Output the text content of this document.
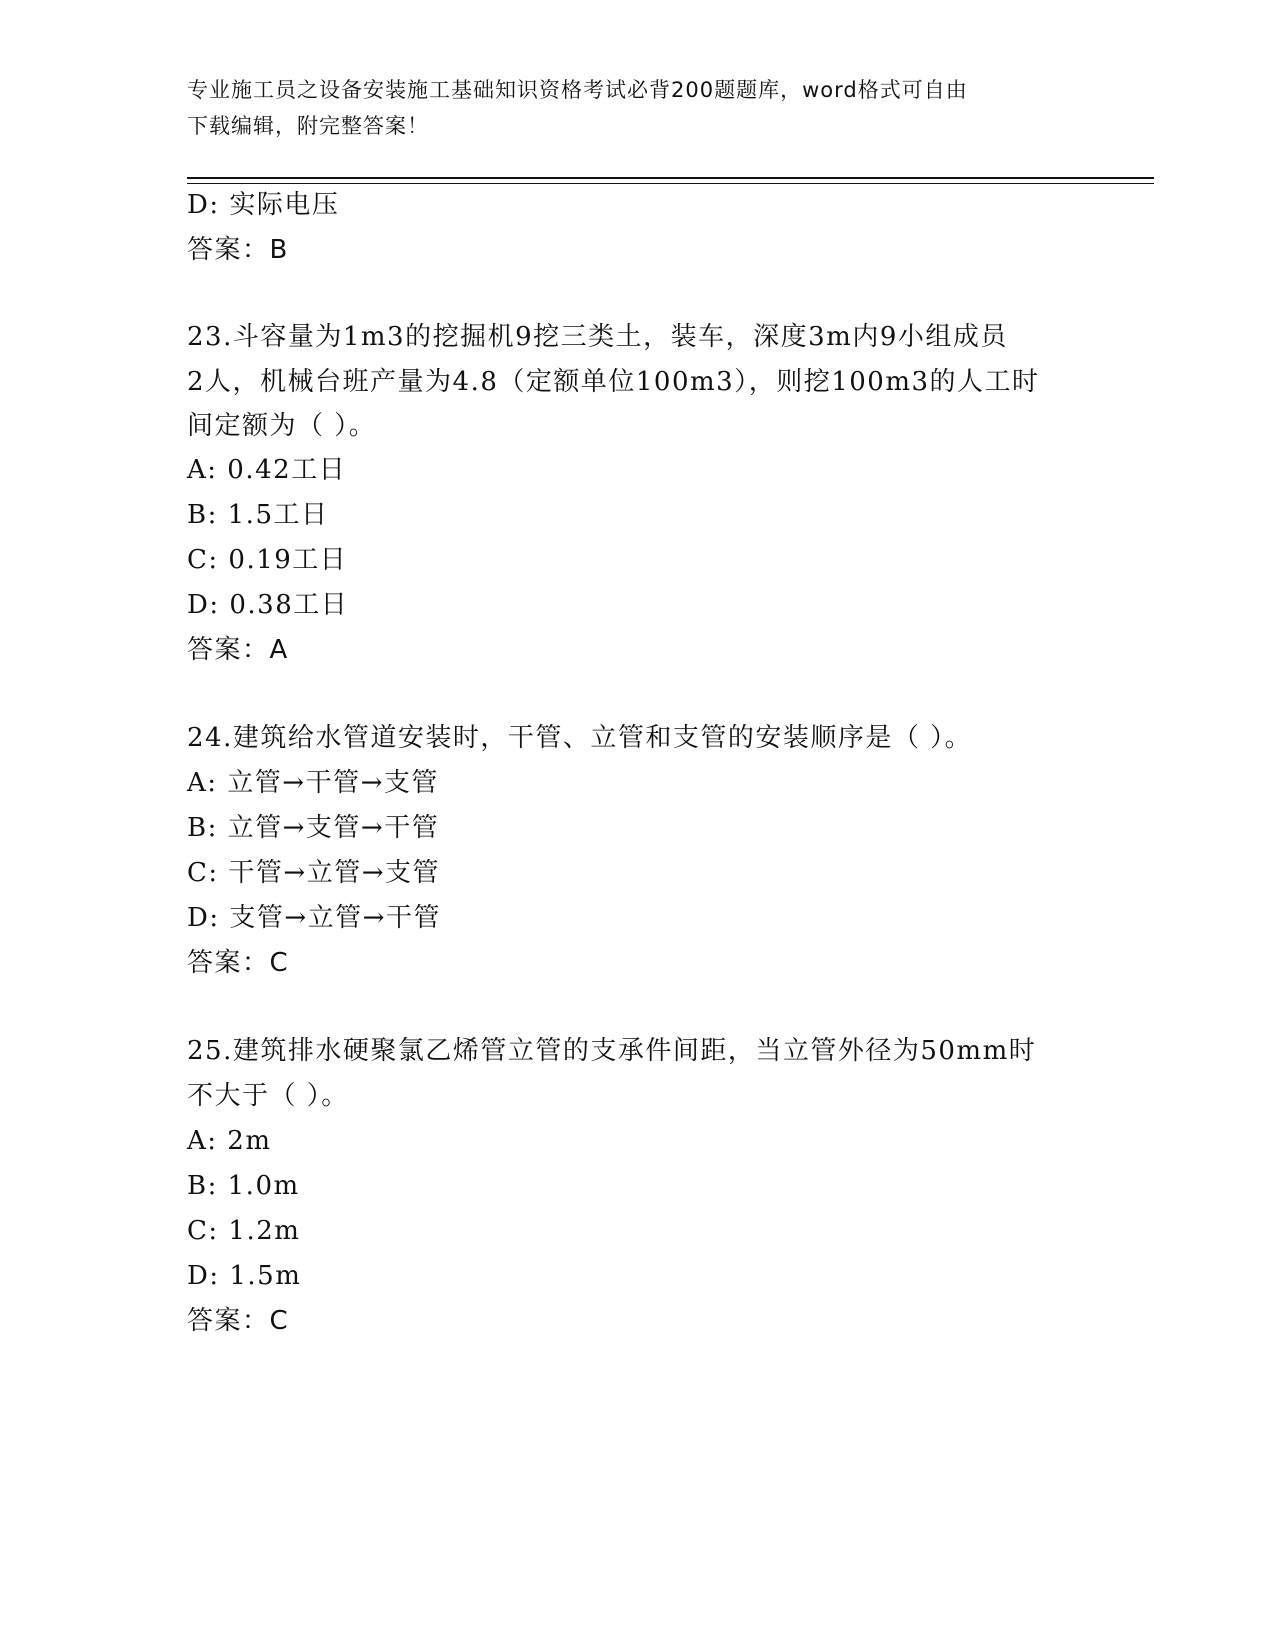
专业施工员之设备安装施工基础知识资格考试必背200题题库，word格式可自由
下载编辑，附完整答案！
D: 实际电压
答案：B
23.斗容量为1m3的挖掘机9挖三类土，装车，深度3m内9小组成员
2人，机械台班产量为4.8（定额单位100m3），则挖100m3的人工时
间定额为（ ）。
A: 0.42工日
B: 1.5工日
C: 0.19工日
D: 0.38工日
答案：A
24.建筑给水管道安装时，干管、立管和支管的安装顺序是（ ）。
A: 立管→干管→支管
B: 立管→支管→干管
C: 干管→立管→支管
D: 支管→立管→干管
答案：C
25.建筑排水硬聚氯乙烯管立管的支承件间距，当立管外径为50mm时
不大于（ ）。
A: 2m
B: 1.0m
C: 1.2m
D: 1.5m
答案：C
